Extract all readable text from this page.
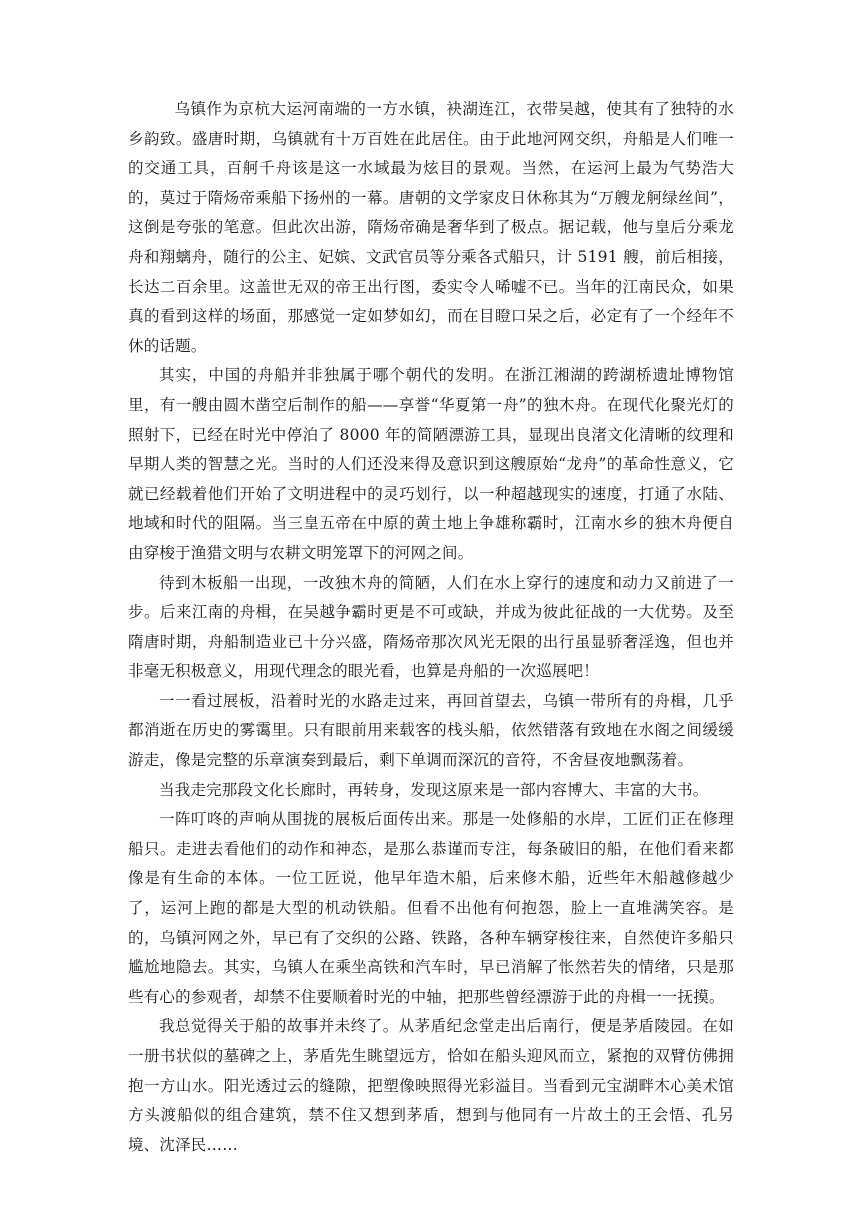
乌镇作为京杭大运河南端的一方水镇，袂湖连江，衣带吴越，使其有了独特的水乡韵致。盛唐时期，乌镇就有十万百姓在此居住。由于此地河网交织，舟船是人们唯一的交通工具，百舸千舟该是这一水域最为炫目的景观。当然，在运河上最为气势浩大的，莫过于隋炀帝乘船下扬州的一幕。唐朝的文学家皮日休称其为“万艘龙舸绿丝间”，这倒是夸张的笔意。但此次出游，隋炀帝确是奢华到了极点。据记载，他与皇后分乘龙舟和翔螭舟，随行的公主、妃嫔、文武官员等分乘各式船只，计 5191 艘，前后相接，长达二百余里。这盖世无双的帝王出行图，委实令人唏嘘不已。当年的江南民众，如果真的看到这样的场面，那感觉一定如梦如幻，而在目瞪口呆之后，必定有了一个经年不休的话题。

其实，中国的舟船并非独属于哪个朝代的发明。在浙江湘湖的跨湖桥遗址博物馆里，有一艘由圆木凿空后制作的船——享誉“华夏第一舟”的独木舟。在现代化聚光灯的照射下，已经在时光中停泊了 8000 年的简陋漂游工具，显现出良渚文化清晰的纹理和早期人类的智慧之光。当时的人们还没来得及意识到这艘原始“龙舟”的革命性意义，它就已经载着他们开始了文明进程中的灵巧划行，以一种超越现实的速度，打通了水陆、地域和时代的阻隔。当三皇五帝在中原的黄土地上争雄称霸时，江南水乡的独木舟便自由穿梭于渔猎文明与农耕文明笼罩下的河网之间。

待到木板船一出现，一改独木舟的简陋，人们在水上穿行的速度和动力又前进了一步。后来江南的舟楫，在吴越争霸时更是不可或缺，并成为彼此征战的一大优势。及至隋唐时期，舟船制造业已十分兴盛，隋炀帝那次风光无限的出行虽显骄奢淫逸，但也并非毫无积极意义，用现代理念的眼光看，也算是舟船的一次巡展吧！

一一看过展板，沿着时光的水路走过来，再回首望去，乌镇一带所有的舟楫，几乎都消逝在历史的雾霭里。只有眼前用来载客的栈头船，依然错落有致地在水阁之间缓缓游走，像是完整的乐章演奏到最后，剩下单调而深沉的音符，不舍昼夜地飘荡着。

当我走完那段文化长廊时，再转身，发现这原来是一部内容博大、丰富的大书。

一阵叮咚的声响从围拢的展板后面传出来。那是一处修船的水岸，工匠们正在修理船只。走进去看他们的动作和神态，是那么恭谨而专注，每条破旧的船，在他们看来都像是有生命的本体。一位工匠说，他早年造木船，后来修木船，近些年木船越修越少了，运河上跑的都是大型的机动铁船。但看不出他有何抱怨，脸上一直堆满笑容。是的，乌镇河网之外，早已有了交织的公路、铁路，各种车辆穿梭往来，自然使许多船只尴尬地隐去。其实，乌镇人在乘坐高铁和汽车时，早已消解了怅然若失的情绪，只是那些有心的参观者，却禁不住要顺着时光的中轴，把那些曾经漂游于此的舟楫一一抚摸。

我总觉得关于船的故事并未终了。从茅盾纪念堂走出后南行，便是茅盾陵园。在如一册书状似的墓碑之上，茅盾先生眺望远方，恰如在船头迎风而立，紧抱的双臂仿佛拥抱一方山水。阳光透过云的缝隙，把塑像映照得光彩溢目。当看到元宝湖畔木心美术馆方头渡船似的组合建筑，禁不住又想到茅盾，想到与他同有一片故土的王会悟、孔另境、沈泽民……
